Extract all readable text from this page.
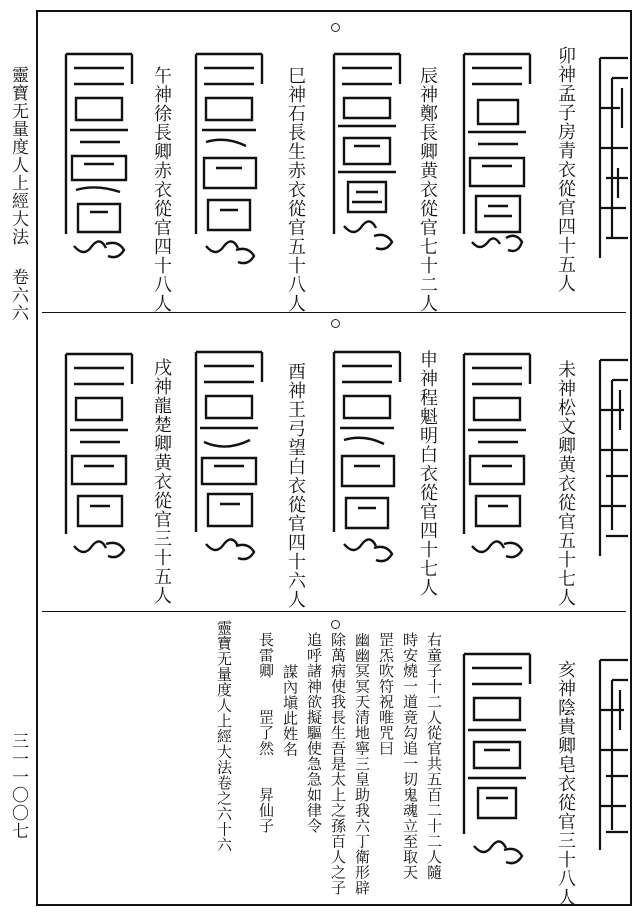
靈寶无量度人上經大法
卷六六
三一一〇〇七
卯神孟子房青衣從官四十五人
辰神鄭長卿黄衣從官七十二人
巳神石長生赤衣從官五十八人
午神徐長卿赤衣從官四十八人
未神松文卿黄衣從官五十七人
申神程魁明白衣從官四十七人
酉神王弓望白衣從官四十六人
戌神龍楚卿黄衣從官三十五人
亥神陰貴卿皂衣從官三十八人
右童子十二人從官共五百二十二人隨
時安燒一道竟勾追一切鬼魂立至取天
罡炁吹符祝唯咒曰
幽幽冥冥天清地寧三皇助我六丁衛形辟
除萬病使我長生吾是太上之孫百人之子
追呼諸神欲擬驅使急急如律令
謀內塡此姓名
長雷卿　　罡了然　　昇仙子
靈寶无量度人上經大法卷之六十六
